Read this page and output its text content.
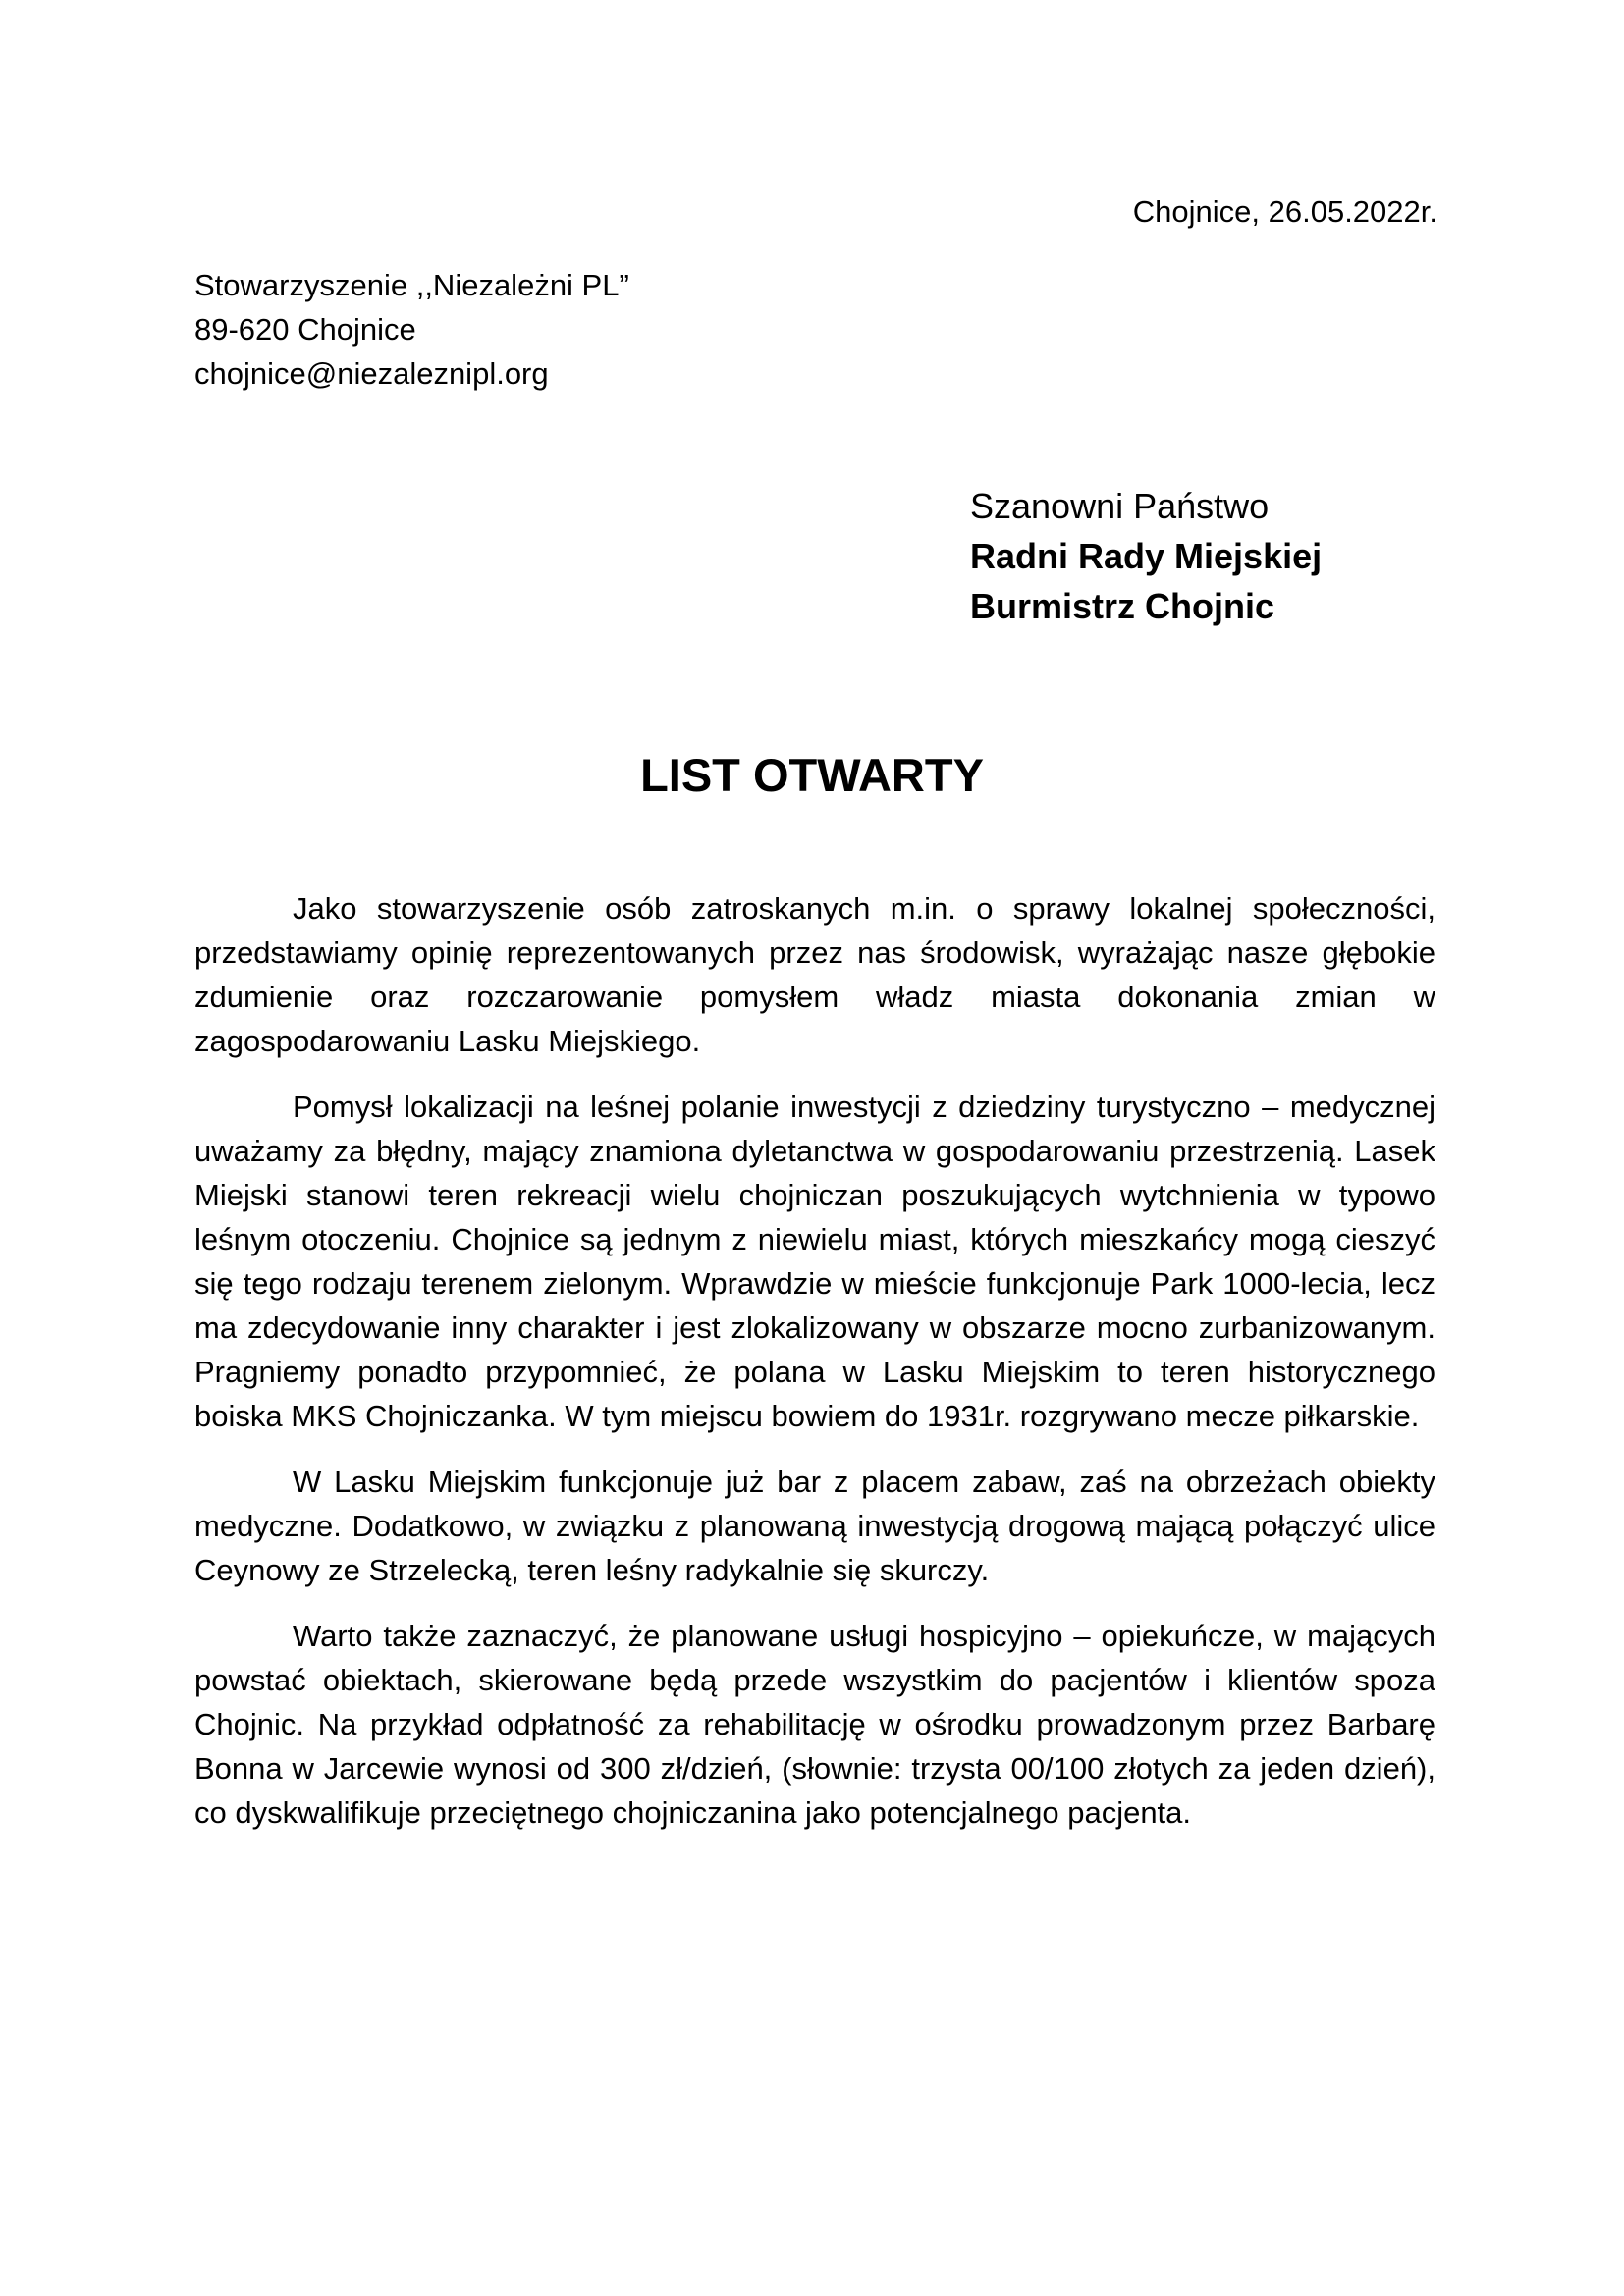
Chojnice, 26.05.2022r.
Stowarzyszenie ,,Niezależni PL”
89-620 Chojnice
chojnice@niezaleznipl.org
Szanowni Państwo
Radni Rady Miejskiej
Burmistrz Chojnic
LIST OTWARTY

Jako stowarzyszenie osób zatroskanych m.in. o sprawy lokalnej społeczności, przedstawiamy opinię reprezentowanych przez nas środowisk, wyrażając nasze głębokie zdumienie oraz rozczarowanie pomysłem władz miasta dokonania zmian w zagospodarowaniu Lasku Miejskiego.

Pomysł lokalizacji na leśnej polanie inwestycji z dziedziny turystyczno – medycznej uważamy za błędny, mający znamiona dyletanctwa w gospodarowaniu przestrzenią. Lasek Miejski stanowi teren rekreacji wielu chojniczan poszukujących wytchnienia w typowo leśnym otoczeniu. Chojnice są jednym z niewielu miast, których mieszkańcy mogą cieszyć się tego rodzaju terenem zielonym. Wprawdzie w mieście funkcjonuje Park 1000-lecia, lecz ma zdecydowanie inny charakter i jest zlokalizowany w obszarze mocno zurbanizowanym. Pragniemy ponadto przypomnieć, że polana w Lasku Miejskim to teren historycznego boiska MKS Chojniczanka. W tym miejscu bowiem do 1931r. rozgrywano mecze piłkarskie.

W Lasku Miejskim funkcjonuje już bar z placem zabaw, zaś na obrzeżach obiekty medyczne. Dodatkowo, w związku z planowaną inwestycją drogową mającą połączyć ulice Ceynowy ze Strzelecką, teren leśny radykalnie się skurczy.

Warto także zaznaczyć, że planowane usługi hospicyjno – opiekuńcze, w mających powstać obiektach, skierowane będą przede wszystkim do pacjentów i klientów spoza Chojnic. Na przykład odpłatność za rehabilitację w ośrodku prowadzonym przez Barbarę Bonna w Jarcewie wynosi od 300 zł/dzień, (słownie: trzysta 00/100 złotych za jeden dzień), co dyskwalifikuje przeciętnego chojniczanina jako potencjalnego pacjenta.
